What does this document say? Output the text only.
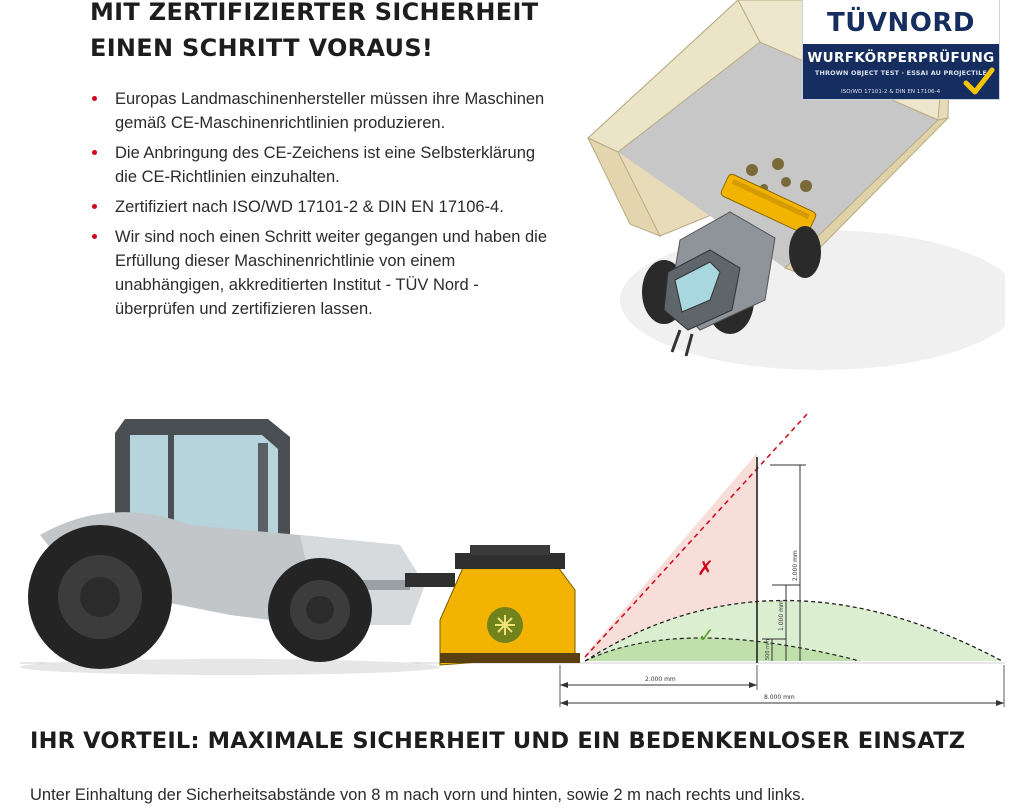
MIT ZERTIFIZIERTER SICHERHEIT
EINEN SCHRITT VORAUS!
Europas Landmaschinenhersteller müssen ihre Maschinen gemäß CE-Maschinenrichtlinien produzieren.
Die Anbringung des CE-Zeichens ist eine Selbsterklärung die CE-Richtlinien einzuhalten.
Zertifiziert nach ISO/WD 17101-2 & DIN EN 17106-4.
Wir sind noch einen Schritt weiter gegangen und haben die Erfüllung dieser Maschinenrichtlinie von einem unabhängigen, akkreditierten Institut - TÜV Nord - überprüfen und zertifizieren lassen.
TÜVNORD
WURFKÖRPERPRÜFUNG
THROWN OBJECT TEST · ESSAI AU PROJECTILE
ISO/WD 17101-2 & DIN EN 17106-4
✗
✓
2.000 mm
1.000 mm
500 mm
2.000 mm
8.000 mm
IHR VORTEIL: MAXIMALE SICHERHEIT UND EIN BEDENKENLOSER EINSATZ

Unter Einhaltung der Sicherheitsabstände von 8 m nach vorn und hinten, sowie 2 m nach rechts und links.
